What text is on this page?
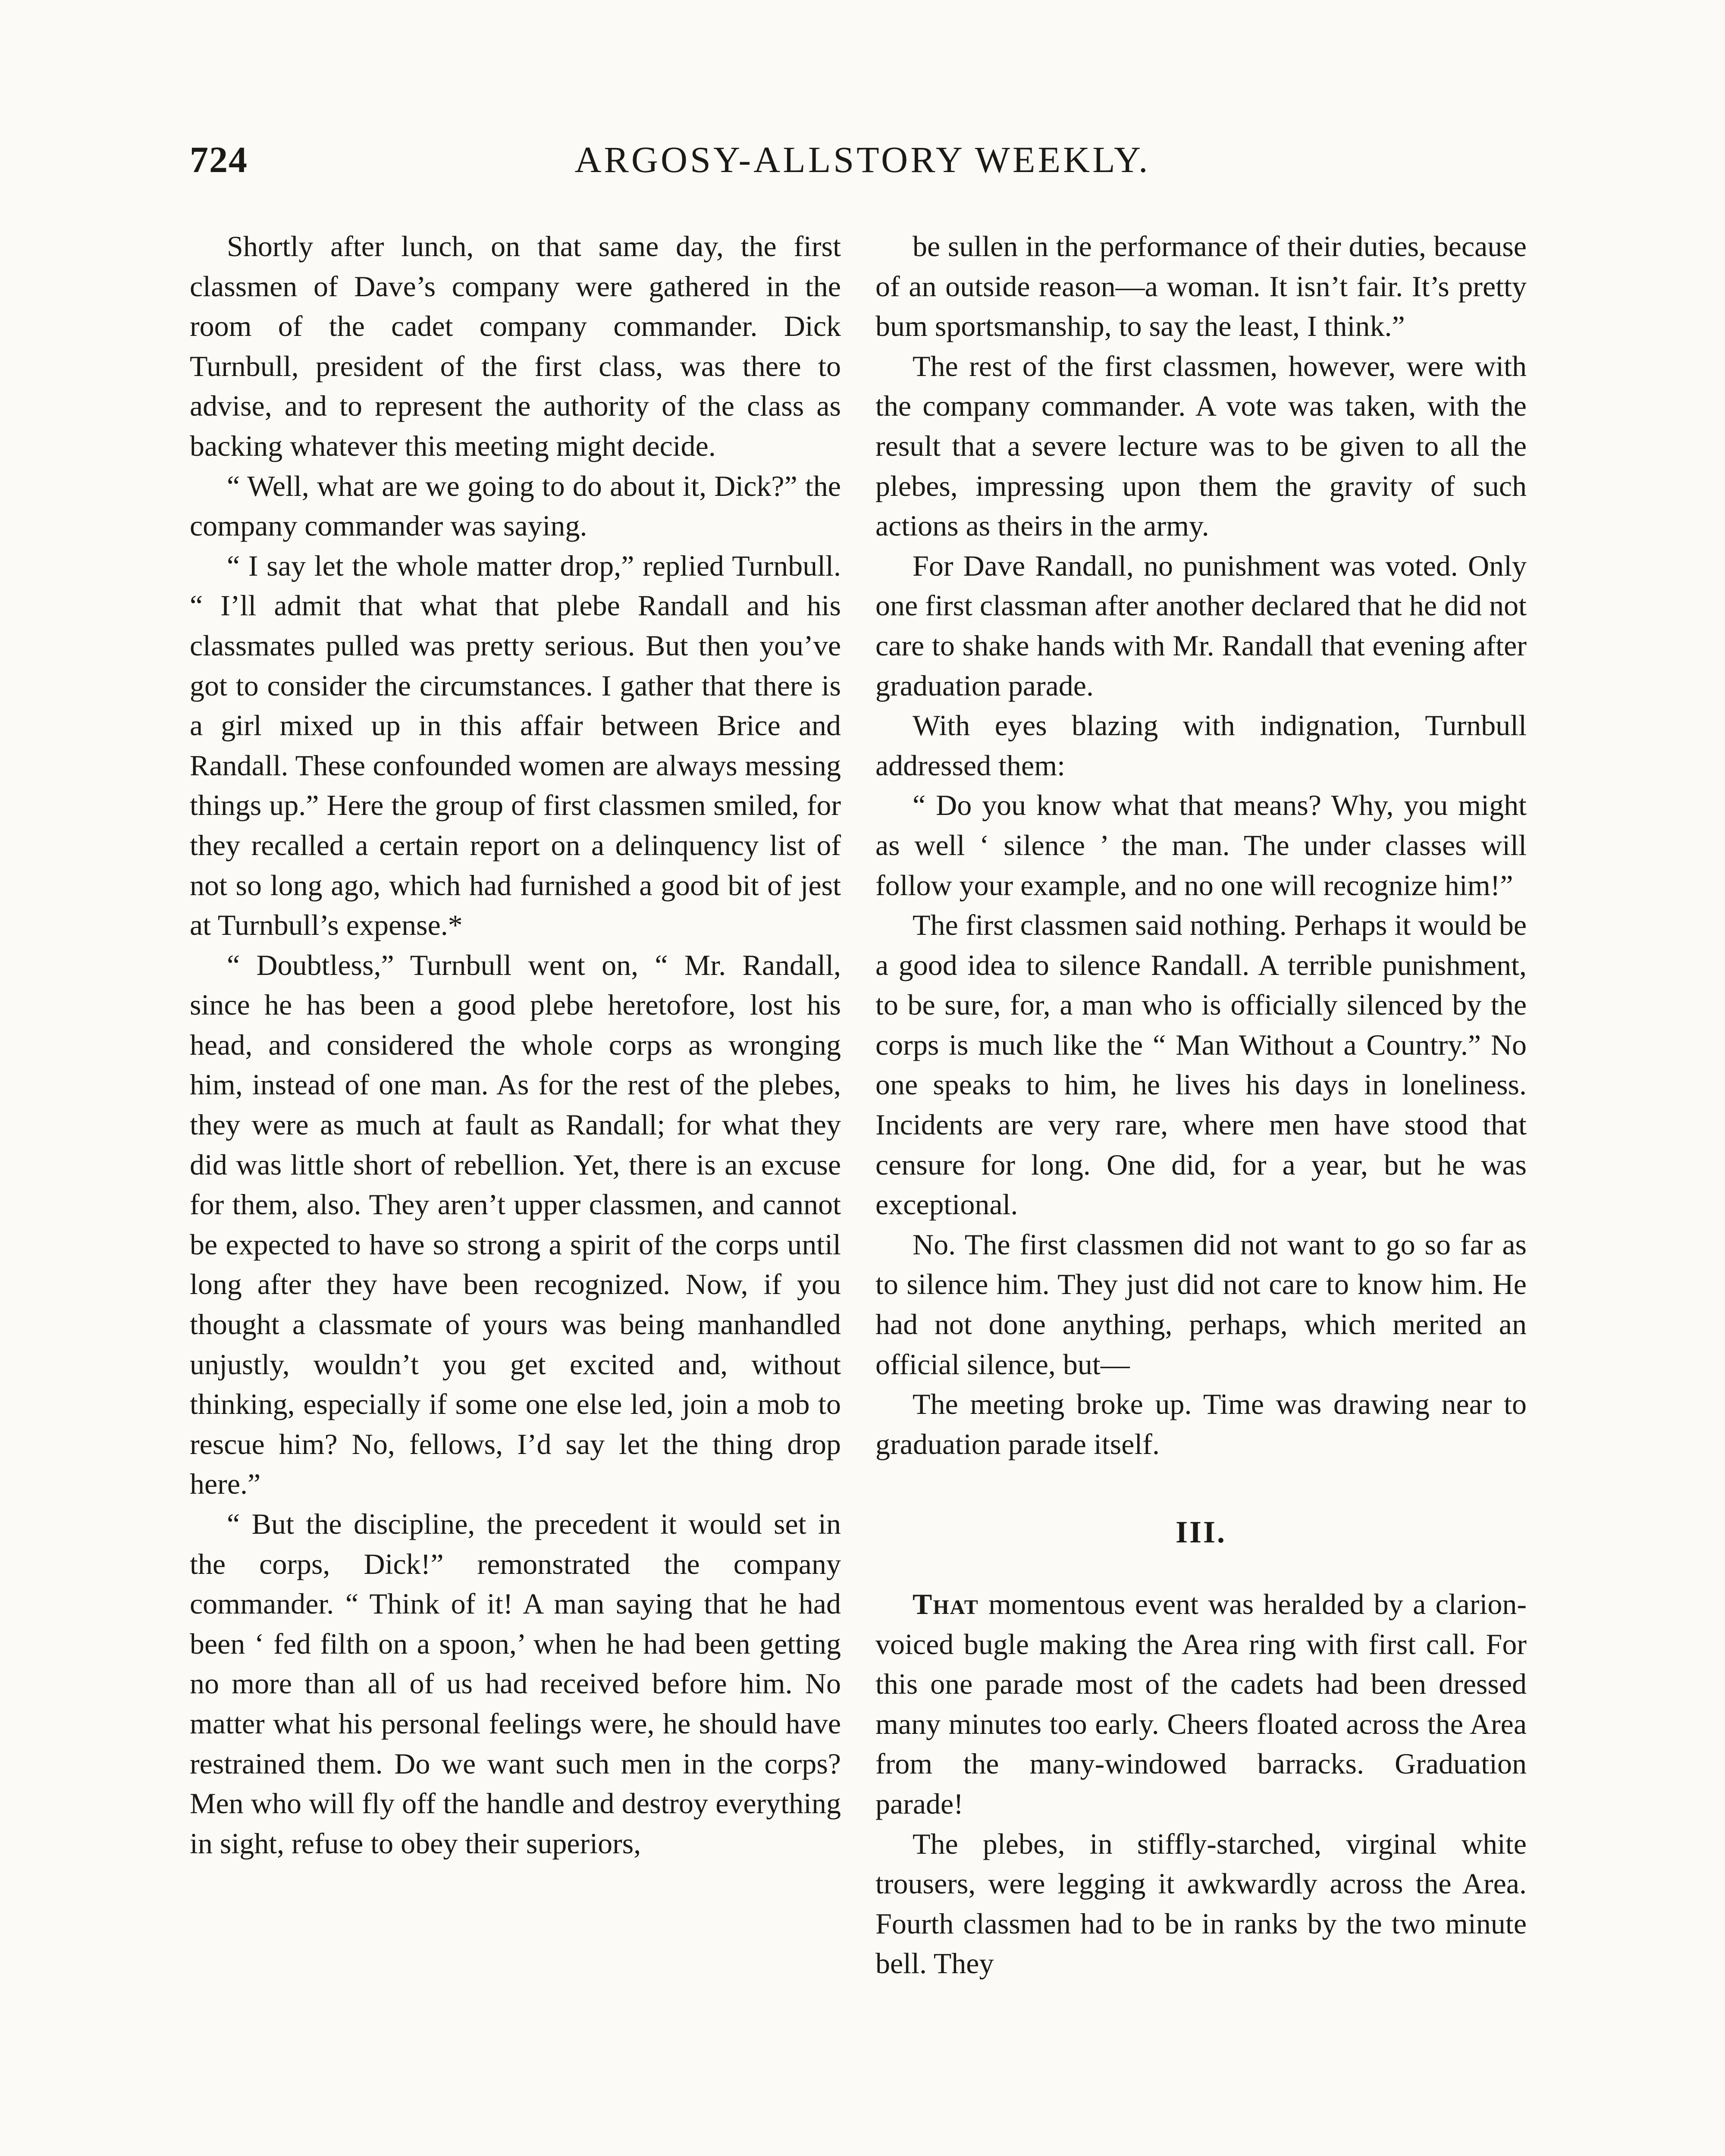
724	ARGOSY-ALLSTORY WEEKLY.

Shortly after lunch, on that same day, the first classmen of Dave’s company were gathered in the room of the cadet company commander. Dick Turnbull, president of the first class, was there to advise, and to represent the authority of the class as backing whatever this meeting might decide.

“ Well, what are we going to do about it, Dick?” the company commander was saying.

“ I say let the whole matter drop,” replied Turnbull. “ I’ll admit that what that plebe Randall and his classmates pulled was pretty serious. But then you’ve got to consider the circumstances. I gather that there is a girl mixed up in this affair between Brice and Randall. These confounded women are always messing things up.” Here the group of first classmen smiled, for they recalled a certain report on a delinquency list of not so long ago, which had furnished a good bit of jest at Turnbull’s expense.*

“ Doubtless,” Turnbull went on, “ Mr. Randall, since he has been a good plebe heretofore, lost his head, and considered the whole corps as wronging him, instead of one man. As for the rest of the plebes, they were as much at fault as Randall; for what they did was little short of rebellion. Yet, there is an excuse for them, also. They aren’t upper classmen, and cannot be expected to have so strong a spirit of the corps until long after they have been recognized. Now, if you thought a classmate of yours was being manhandled unjustly, wouldn’t you get excited and, without thinking, especially if some one else led, join a mob to rescue him? No, fellows, I’d say let the thing drop here.”

“ But the discipline, the precedent it would set in the corps, Dick!” remonstrated the company commander. “ Think of it! A man saying that he had been ‘ fed filth on a spoon,’ when he had been getting no more than all of us had received before him. No matter what his personal feelings were, he should have restrained them. Do we want such men in the corps? Men who will fly off the handle and destroy everything in sight, refuse to obey their superiors,

be sullen in the performance of their duties, because of an outside reason—a woman. It isn’t fair. It’s pretty bum sportsmanship, to say the least, I think.”

The rest of the first classmen, however, were with the company commander. A vote was taken, with the result that a severe lecture was to be given to all the plebes, impressing upon them the gravity of such actions as theirs in the army.

For Dave Randall, no punishment was voted. Only one first classman after another declared that he did not care to shake hands with Mr. Randall that evening after graduation parade.

With eyes blazing with indignation, Turnbull addressed them:

“ Do you know what that means? Why, you might as well ‘ silence ’ the man. The under classes will follow your example, and no one will recognize him!”

The first classmen said nothing. Perhaps it would be a good idea to silence Randall. A terrible punishment, to be sure, for, a man who is officially silenced by the corps is much like the “ Man Without a Country.” No one speaks to him, he lives his days in loneliness. Incidents are very rare, where men have stood that censure for long. One did, for a year, but he was exceptional.

No. The first classmen did not want to go so far as to silence him. They just did not care to know him. He had not done anything, perhaps, which merited an official silence, but—

The meeting broke up. Time was drawing near to graduation parade itself.

III.

That momentous event was heralded by a clarion-voiced bugle making the Area ring with first call. For this one parade most of the cadets had been dressed many minutes too early. Cheers floated across the Area from the many-windowed barracks. Graduation parade!

The plebes, in stiffly-starched, virginal white trousers, were legging it awkwardly across the Area. Fourth classmen had to be in ranks by the two minute bell. They
